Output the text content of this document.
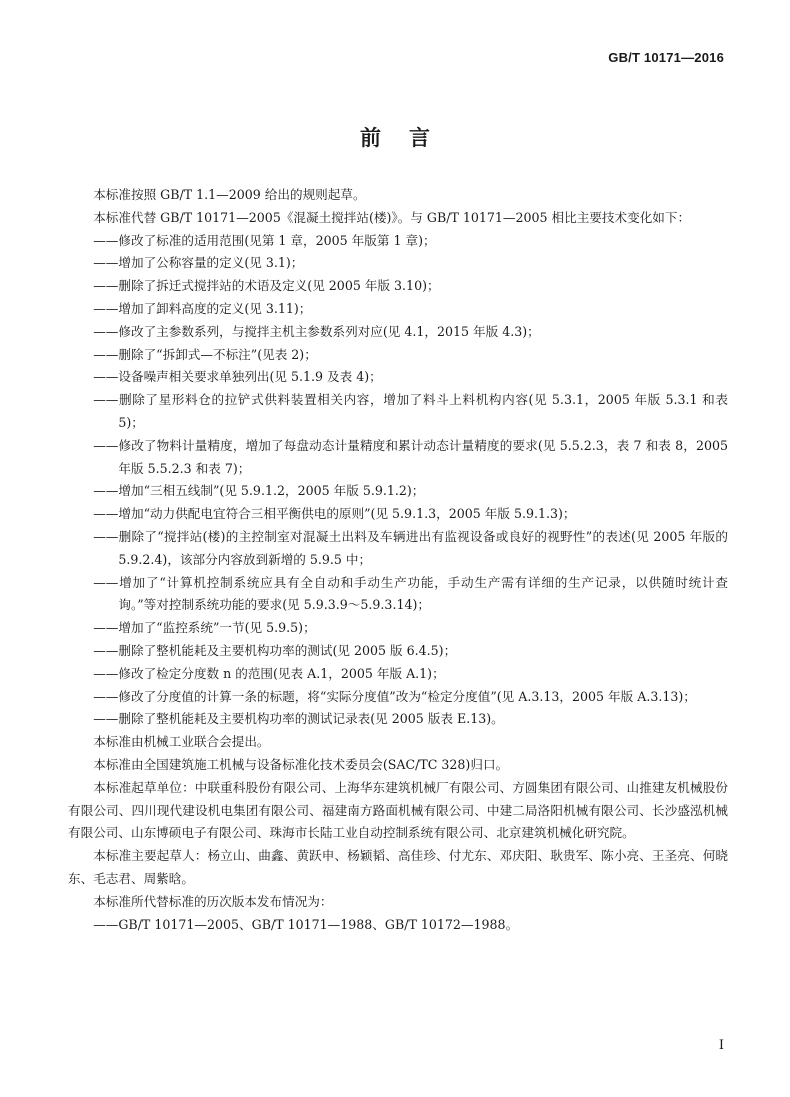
GB/T 10171—2016
前言

本标准按照 GB/T 1.1—2009 给出的规则起草。

本标准代替 GB/T 10171—2005《混凝土搅拌站(楼)》。与 GB/T 10171—2005 相比主要技术变化如下：

——修改了标准的适用范围(见第 1 章，2005 年版第 1 章)；

——增加了公称容量的定义(见 3.1)；

——删除了拆迁式搅拌站的术语及定义(见 2005 年版 3.10)；

——增加了卸料高度的定义(见 3.11)；

——修改了主参数系列，与搅拌主机主参数系列对应(见 4.1，2015 年版 4.3)；

——删除了“拆卸式—不标注”(见表 2)；

——设备噪声相关要求单独列出(见 5.1.9 及表 4)；

——删除了星形料仓的拉铲式供料装置相关内容，增加了料斗上料机构内容(见 5.3.1，2005 年版 5.3.1 和表 5)；

——修改了物料计量精度，增加了每盘动态计量精度和累计动态计量精度的要求(见 5.5.2.3，表 7 和表 8，2005 年版 5.5.2.3 和表 7)；

——增加“三相五线制”(见 5.9.1.2，2005 年版 5.9.1.2)；

——增加“动力供配电宜符合三相平衡供电的原则”(见 5.9.1.3，2005 年版 5.9.1.3)；

——删除了“搅拌站(楼)的主控制室对混凝土出料及车辆进出有监视设备或良好的视野性”的表述(见 2005 年版的 5.9.2.4)，该部分内容放到新增的 5.9.5 中；

——增加了“计算机控制系统应具有全自动和手动生产功能，手动生产需有详细的生产记录，以供随时统计查询。”等对控制系统功能的要求(见 5.9.3.9～5.9.3.14)；

——增加了“监控系统”一节(见 5.9.5)；

——删除了整机能耗及主要机构功率的测试(见 2005 版 6.4.5)；

——修改了检定分度数 n 的范围(见表 A.1，2005 年版 A.1)；

——修改了分度值的计算一条的标题，将“实际分度值”改为“检定分度值”(见 A.3.13，2005 年版 A.3.13)；

——删除了整机能耗及主要机构功率的测试记录表(见 2005 版表 E.13)。

本标准由机械工业联合会提出。

本标准由全国建筑施工机械与设备标准化技术委员会(SAC/TC 328)归口。

本标准起草单位：中联重科股份有限公司、上海华东建筑机械厂有限公司、方圆集团有限公司、山推建友机械股份有限公司、四川现代建设机电集团有限公司、福建南方路面机械有限公司、中建二局洛阳机械有限公司、长沙盛泓机械有限公司、山东博硕电子有限公司、珠海市长陆工业自动控制系统有限公司、北京建筑机械化研究院。

本标准主要起草人：杨立山、曲鑫、黄跃申、杨颖韬、高佳珍、付尤东、邓庆阳、耿贵军、陈小亮、王圣亮、何晓东、毛志君、周紫晗。

本标准所代替标准的历次版本发布情况为：

——GB/T 10171—2005、GB/T 10171—1988、GB/T 10172—1988。

I
